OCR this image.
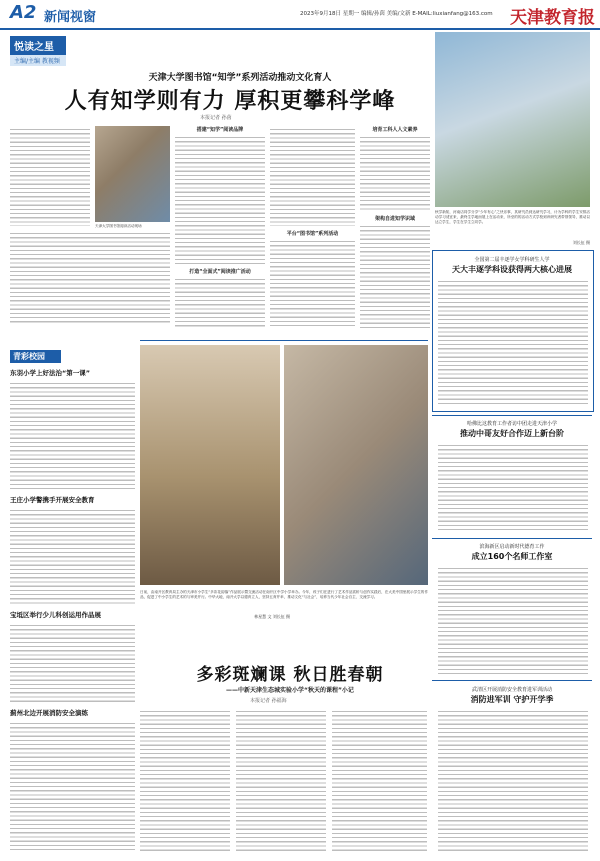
A2 新闻视窗	2023年9月18日 星期一 编辑/孙茵 美编/文新 E-MAIL:liuxianfang@163.com 天津教育报
悦读之星
主编/主编 教视频
天津大学图书馆“知学”系列活动推动文化育人
人有知学则有力 厚积更攀科学峰
本报记者 孙茵
天津大学图书馆阅读活动现场
搭建“知学”阅读品牌
打造“全面式”阅读推广活动
平台“图书馆”系列活动
培育工科人人文素养
架构自进知学识域
秋学新知，河南店同学分享“少年有心”之快乐事，其研究员到达研究学习，计为学科的学生安排活动学习适宜来，最终生学地而展上在活动来，所至的的活动方式学校到该研究者带领领导，推动以达立学生，学生在学生立同学。
刘长伍 摄
全国第二届丰逐学女学科研生人学
天大丰逐学科设获得两大核心进展
哈佛比这教育工作者访中团走进天津小学
推动中哥友好合作迈上新台阶
滨海新区启动新时代德育工作
成立160个名师工作室
武清区开展消防安全教育进军训活动
消防进军训 守护开学季
青彩校园
东羽小学上好法治“第一课”
王庄小学警携手开展安全教育
宝坻区举行少儿科创运用作品展
蓟州北边开展消防安全演练
日前，由南开区教育局主办的天津市小学生“多彩花韵落”作品展示暨交流活动在南开区中学小学举办。今年，孩子们在进行了艺术作品赏析与创作实践后，在大美中国里展示学生的作品，促进了中小学生的艺术的与审美并行。中华大地，南开大学以德育立人，坚持五育并举，推动文化“与社会”，培养当代少年社会自主、交流学习。
林星慧 文 刘长伍 摄
多彩斑斓课 秋日胜春朝
——中新天津生态城实验小学“秋天的课程”小记
本报记者 孙福海
